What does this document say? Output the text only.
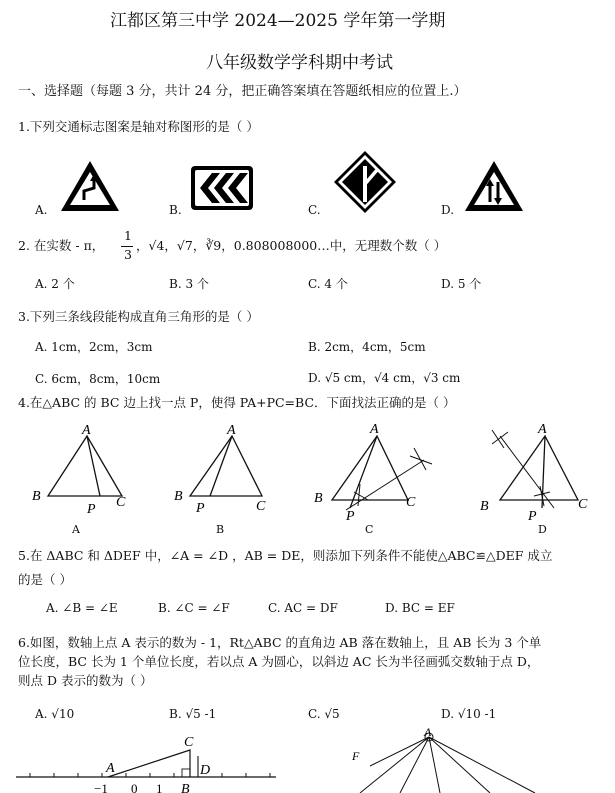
江都区第三中学 2024—2025 学年第一学期
八年级数学学科期中考试
一、选择题（每题 3 分，共计 24 分，把正确答案填在答题纸相应的位置上.）
1.下列交通标志图案是轴对称图形的是（ ）
A.	B.	C.	D.
2. 在实数 - π，
1
3
，√4，√7，∛9，0.808008000…中，无理数个数（ ）
A. 2 个	B. 3 个	C. 4 个	D. 5 个
3.下列三条线段能构成直角三角形的是（ ）
A. 1cm，2cm，3cm	B. 2cm，4cm，5cm
C. 6cm，8cm，10cm	D. √5 cm，√4 cm，√3 cm
4.在△ABC 的 BC 边上找一点 P，使得 PA+PC=BC．下面找法正确的是（ ）
A
B	C
P
A
A
B
C
P
B
A
B	C
P
C
A
B	C
P
D
5.在 ΔABC 和 ΔDEF 中，∠A = ∠D ，AB = DE，则添加下列条件不能使△ABC≌△DEF 成立
的是（ ）
A. ∠B = ∠E	B. ∠C = ∠F	C. AC = DF	D. BC = EF
6.如图，数轴上点 A 表示的数为 - 1，Rt△ABC 的直角边 AB 落在数轴上，且 AB 长为 3 个单
位长度，BC 长为 1 个单位长度，若以点 A 为圆心，以斜边 AC 长为半径画弧交数轴于点 D，
则点 D 表示的数为（ ）
A. √10	B. √5 -1	C. √5	D. √10 -1
A
C
D
−1 0 1 B
A
F
